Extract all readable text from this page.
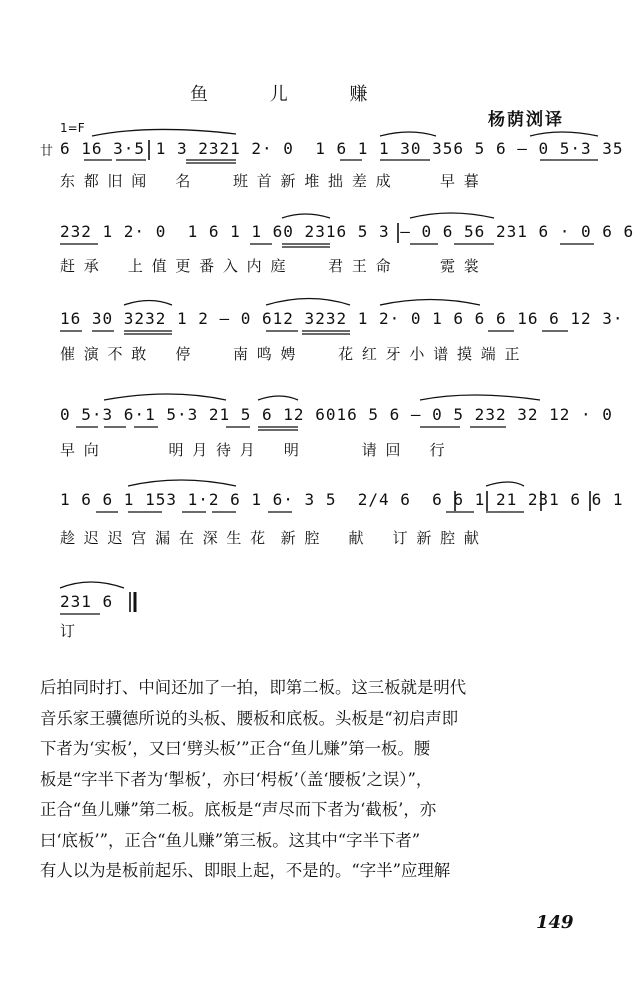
鱼 儿 赚
杨荫浏译
1=F
廿 6 16 3·5 1 3 2321 2· 0  1 6 1 1 30 356 5 6 — 0 5·3 35
东 都 旧 闻    名      班 首 新 堆 拙 差 成       早 暮
232 1 2· 0  1 6 1 1 60 2316 5 3 — 0 6 56 231 6 · 0 6 6
赶 承    上 值 更 番 入 内 庭      君 王 命       霓 裳
16 30 3232 1 2 — 0 612 3232 1 2· 0 1 6 6 6 16 6 12 3·
催 演 不 敢    停      南 鸣 娉      花 红 牙 小 谱 摸 端 正
0 5·3 6·1 5·3 21 5 6 12 6016 5 6 — 0 5 232 32 12 · 0
早 向          明 月 待 月    明         请 回    行
1 6 6 1 153 1·2 6 1 6· 3 5  2/4 6  6 6 1 21 231 6 6 1
趁 迟 迟 宫 漏 在 深 生 花  新 腔    献    订 新 腔 献
231 6
订

后拍同时打、中间还加了一拍，即第二板。这三板就是明代

音乐家王骥德所说的头板、腰板和底板。头板是“初启声即

下者为‘实板’，又曰‘劈头板’”正合“鱼儿赚”第一板。腰

板是“字半下者为‘掣板’，亦曰‘枵板’（盖‘腰板’之误）”，

正合“鱼儿赚”第二板。底板是“声尽而下者为‘截板’，亦

曰‘底板’”，正合“鱼儿赚”第三板。这其中“字半下者”

有人以为是板前起乐、即眼上起，不是的。“字半”应理解

149
